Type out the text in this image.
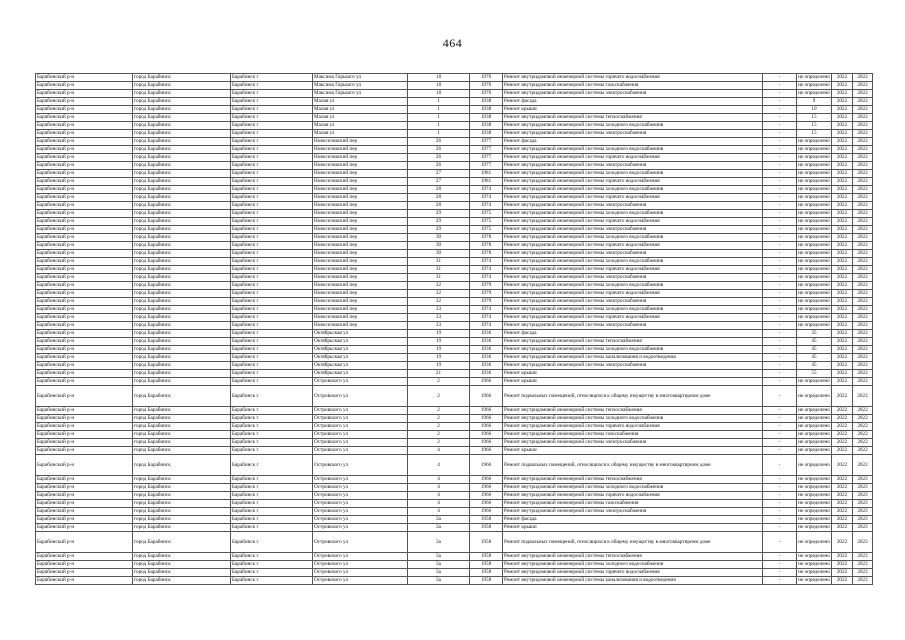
464
Барабинский р-н	город Барабинск	Барабинск г	Максима Горького ул	18	1970	Ремонт внутридомовой инженерной системы горячего водоснабжения	-	не определено	2022	2022
Барабинский р-н	город Барабинск	Барабинск г	Максима Горького ул	18	1970	Ремонт внутридомовой инженерной системы газоснабжения	-	не определено	2022	2022
Барабинский р-н	город Барабинск	Барабинск г	Максима Горького ул	18	1970	Ремонт внутридомовой инженерной системы электроснабжения	-	не определено	2022	2022
Барабинский р-н	город Барабинск	Барабинск г	Малая ул	1	1938	Ремонт фасада	-	9	2022	2022
Барабинский р-н	город Барабинск	Барабинск г	Малая ул	1	1938	Ремонт крыши	-	10	2022	2022
Барабинский р-н	город Барабинск	Барабинск г	Малая ул	1	1938	Ремонт внутридомовой инженерной системы теплоснабжения	-	15	2022	2022
Барабинский р-н	город Барабинск	Барабинск г	Малая ул	1	1938	Ремонт внутридомовой инженерной системы холодного водоснабжения	-	15	2022	2022
Барабинский р-н	город Барабинск	Барабинск г	Малая ул	1	1938	Ремонт внутридомовой инженерной системы электроснабжения	-	15	2022	2022
Барабинский р-н	город Барабинск	Барабинск г	Новоселовский пер	26	1977	Ремонт фасада	-	не определено	2022	2022
Барабинский р-н	город Барабинск	Барабинск г	Новоселовский пер	26	1977	Ремонт внутридомовой инженерной системы холодного водоснабжения	-	не определено	2022	2022
Барабинский р-н	город Барабинск	Барабинск г	Новоселовский пер	26	1977	Ремонт внутридомовой инженерной системы горячего водоснабжения	-	не определено	2022	2022
Барабинский р-н	город Барабинск	Барабинск г	Новоселовский пер	26	1977	Ремонт внутридомовой инженерной системы электроснабжения	-	не определено	2022	2022
Барабинский р-н	город Барабинск	Барабинск г	Новоселовский пер	27	1981	Ремонт внутридомовой инженерной системы холодного водоснабжения	-	не определено	2022	2022
Барабинский р-н	город Барабинск	Барабинск г	Новоселовский пер	27	1981	Ремонт внутридомовой инженерной системы горячего водоснабжения	-	не определено	2022	2022
Барабинский р-н	город Барабинск	Барабинск г	Новоселовский пер	28	1974	Ремонт внутридомовой инженерной системы холодного водоснабжения	-	не определено	2022	2022
Барабинский р-н	город Барабинск	Барабинск г	Новоселовский пер	28	1974	Ремонт внутридомовой инженерной системы горячего водоснабжения	-	не определено	2022	2022
Барабинский р-н	город Барабинск	Барабинск г	Новоселовский пер	28	1974	Ремонт внутридомовой инженерной системы электроснабжения	-	не определено	2022	2022
Барабинский р-н	город Барабинск	Барабинск г	Новоселовский пер	29	1975	Ремонт внутридомовой инженерной системы холодного водоснабжения	-	не определено	2022	2022
Барабинский р-н	город Барабинск	Барабинск г	Новоселовский пер	29	1975	Ремонт внутридомовой инженерной системы горячего водоснабжения	-	не определено	2022	2022
Барабинский р-н	город Барабинск	Барабинск г	Новоселовский пер	29	1975	Ремонт внутридомовой инженерной системы электроснабжения	-	не определено	2022	2022
Барабинский р-н	город Барабинск	Барабинск г	Новоселовский пер	30	1978	Ремонт внутридомовой инженерной системы холодного водоснабжения	-	не определено	2022	2022
Барабинский р-н	город Барабинск	Барабинск г	Новоселовский пер	30	1978	Ремонт внутридомовой инженерной системы горячего водоснабжения	-	не определено	2022	2022
Барабинский р-н	город Барабинск	Барабинск г	Новоселовский пер	30	1978	Ремонт внутридомовой инженерной системы электроснабжения	-	не определено	2022	2022
Барабинский р-н	город Барабинск	Барабинск г	Новоселовский пер	31	1974	Ремонт внутридомовой инженерной системы холодного водоснабжения	-	не определено	2022	2022
Барабинский р-н	город Барабинск	Барабинск г	Новоселовский пер	31	1974	Ремонт внутридомовой инженерной системы горячего водоснабжения	-	не определено	2022	2022
Барабинский р-н	город Барабинск	Барабинск г	Новоселовский пер	31	1974	Ремонт внутридомовой инженерной системы электроснабжения	-	не определено	2022	2022
Барабинский р-н	город Барабинск	Барабинск г	Новоселовский пер	32	1979	Ремонт внутридомовой инженерной системы холодного водоснабжения	-	не определено	2022	2022
Барабинский р-н	город Барабинск	Барабинск г	Новоселовский пер	32	1979	Ремонт внутридомовой инженерной системы горячего водоснабжения	-	не определено	2022	2022
Барабинский р-н	город Барабинск	Барабинск г	Новоселовский пер	32	1979	Ремонт внутридомовой инженерной системы электроснабжения	-	не определено	2022	2022
Барабинский р-н	город Барабинск	Барабинск г	Новоселовский пер	33	1974	Ремонт внутридомовой инженерной системы холодного водоснабжения	-	не определено	2022	2022
Барабинский р-н	город Барабинск	Барабинск г	Новоселовский пер	33	1974	Ремонт внутридомовой инженерной системы горячего водоснабжения	-	не определено	2022	2022
Барабинский р-н	город Барабинск	Барабинск г	Новоселовский пер	33	1974	Ремонт внутридомовой инженерной системы электроснабжения	-	не определено	2022	2022
Барабинский р-н	город Барабинск	Барабинск г	Октябрьская ул	19	1936	Ремонт фасада	-	35	2022	2022
Барабинский р-н	город Барабинск	Барабинск г	Октябрьская ул	19	1936	Ремонт внутридомовой инженерной системы теплоснабжения	-	45	2022	2022
Барабинский р-н	город Барабинск	Барабинск г	Октябрьская ул	19	1936	Ремонт внутридомовой инженерной системы холодного водоснабжения	-	45	2022	2022
Барабинский р-н	город Барабинск	Барабинск г	Октябрьская ул	19	1936	Ремонт внутридомовой инженерной системы канализования и водоотведения	-	45	2022	2022
Барабинский р-н	город Барабинск	Барабинск г	Октябрьская ул	19	1936	Ремонт внутридомовой инженерной системы электроснабжения	-	45	2022	2022
Барабинский р-н	город Барабинск	Барабинск г	Октябрьская ул	21	1936	Ремонт крыши	-	55	2022	2022
Барабинский р-н	город Барабинск	Барабинск г	Островского ул	2	1966	Ремонт крыши	-	не определено	2022	2022
Барабинский р-н	город Барабинск	Барабинск г	Островского ул	2	1966	Ремонт подвальных помещений, относящихся к общему имуществу в многоквартирном доме	-	не определено	2022	2022
Барабинский р-н	город Барабинск	Барабинск г	Островского ул	2	1966	Ремонт внутридомовой инженерной системы теплоснабжения	-	не определено	2022	2022
Барабинский р-н	город Барабинск	Барабинск г	Островского ул	2	1966	Ремонт внутридомовой инженерной системы холодного водоснабжения	-	не определено	2022	2022
Барабинский р-н	город Барабинск	Барабинск г	Островского ул	2	1966	Ремонт внутридомовой инженерной системы горячего водоснабжения	-	не определено	2022	2022
Барабинский р-н	город Барабинск	Барабинск г	Островского ул	2	1966	Ремонт внутридомовой инженерной системы газоснабжения	-	не определено	2022	2022
Барабинский р-н	город Барабинск	Барабинск г	Островского ул	2	1966	Ремонт внутридомовой инженерной системы электроснабжения	-	не определено	2022	2022
Барабинский р-н	город Барабинск	Барабинск г	Островского ул	4	1966	Ремонт крыши	-	не определено	2022	2022
Барабинский р-н	город Барабинск	Барабинск г	Островского ул	4	1966	Ремонт подвальных помещений, относящихся к общему имуществу в многоквартирном доме	-	не определено	2022	2022
Барабинский р-н	город Барабинск	Барабинск г	Островского ул	4	1966	Ремонт внутридомовой инженерной системы теплоснабжения	-	не определено	2022	2022
Барабинский р-н	город Барабинск	Барабинск г	Островского ул	4	1966	Ремонт внутридомовой инженерной системы холодного водоснабжения	-	не определено	2022	2022
Барабинский р-н	город Барабинск	Барабинск г	Островского ул	4	1966	Ремонт внутридомовой инженерной системы горячего водоснабжения	-	не определено	2022	2022
Барабинский р-н	город Барабинск	Барабинск г	Островского ул	4	1966	Ремонт внутридомовой инженерной системы газоснабжения	-	не определено	2022	2022
Барабинский р-н	город Барабинск	Барабинск г	Островского ул	4	1966	Ремонт внутридомовой инженерной системы электроснабжения	-	не определено	2022	2022
Барабинский р-н	город Барабинск	Барабинск г	Островского ул	3а	1958	Ремонт фасада	-	не определено	2022	2022
Барабинский р-н	город Барабинск	Барабинск г	Островского ул	3а	1958	Ремонт крыши	-	не определено	2022	2022
Барабинский р-н	город Барабинск	Барабинск г	Островского ул	3а	1958	Ремонт подвальных помещений, относящихся к общему имуществу в многоквартирном доме	-	не определено	2022	2022
Барабинский р-н	город Барабинск	Барабинск г	Островского ул	3а	1958	Ремонт внутридомовой инженерной системы теплоснабжения	-	не определено	2022	2022
Барабинский р-н	город Барабинск	Барабинск г	Островского ул	3а	1958	Ремонт внутридомовой инженерной системы холодного водоснабжения	-	не определено	2022	2022
Барабинский р-н	город Барабинск	Барабинск г	Островского ул	3а	1958	Ремонт внутридомовой инженерной системы горячего водоснабжения	-	не определено	2022	2022
Барабинский р-н	город Барабинск	Барабинск г	Островского ул	3а	1958	Ремонт внутридомовой инженерной системы канализования и водоотведения	-	не определено	2022	2022
